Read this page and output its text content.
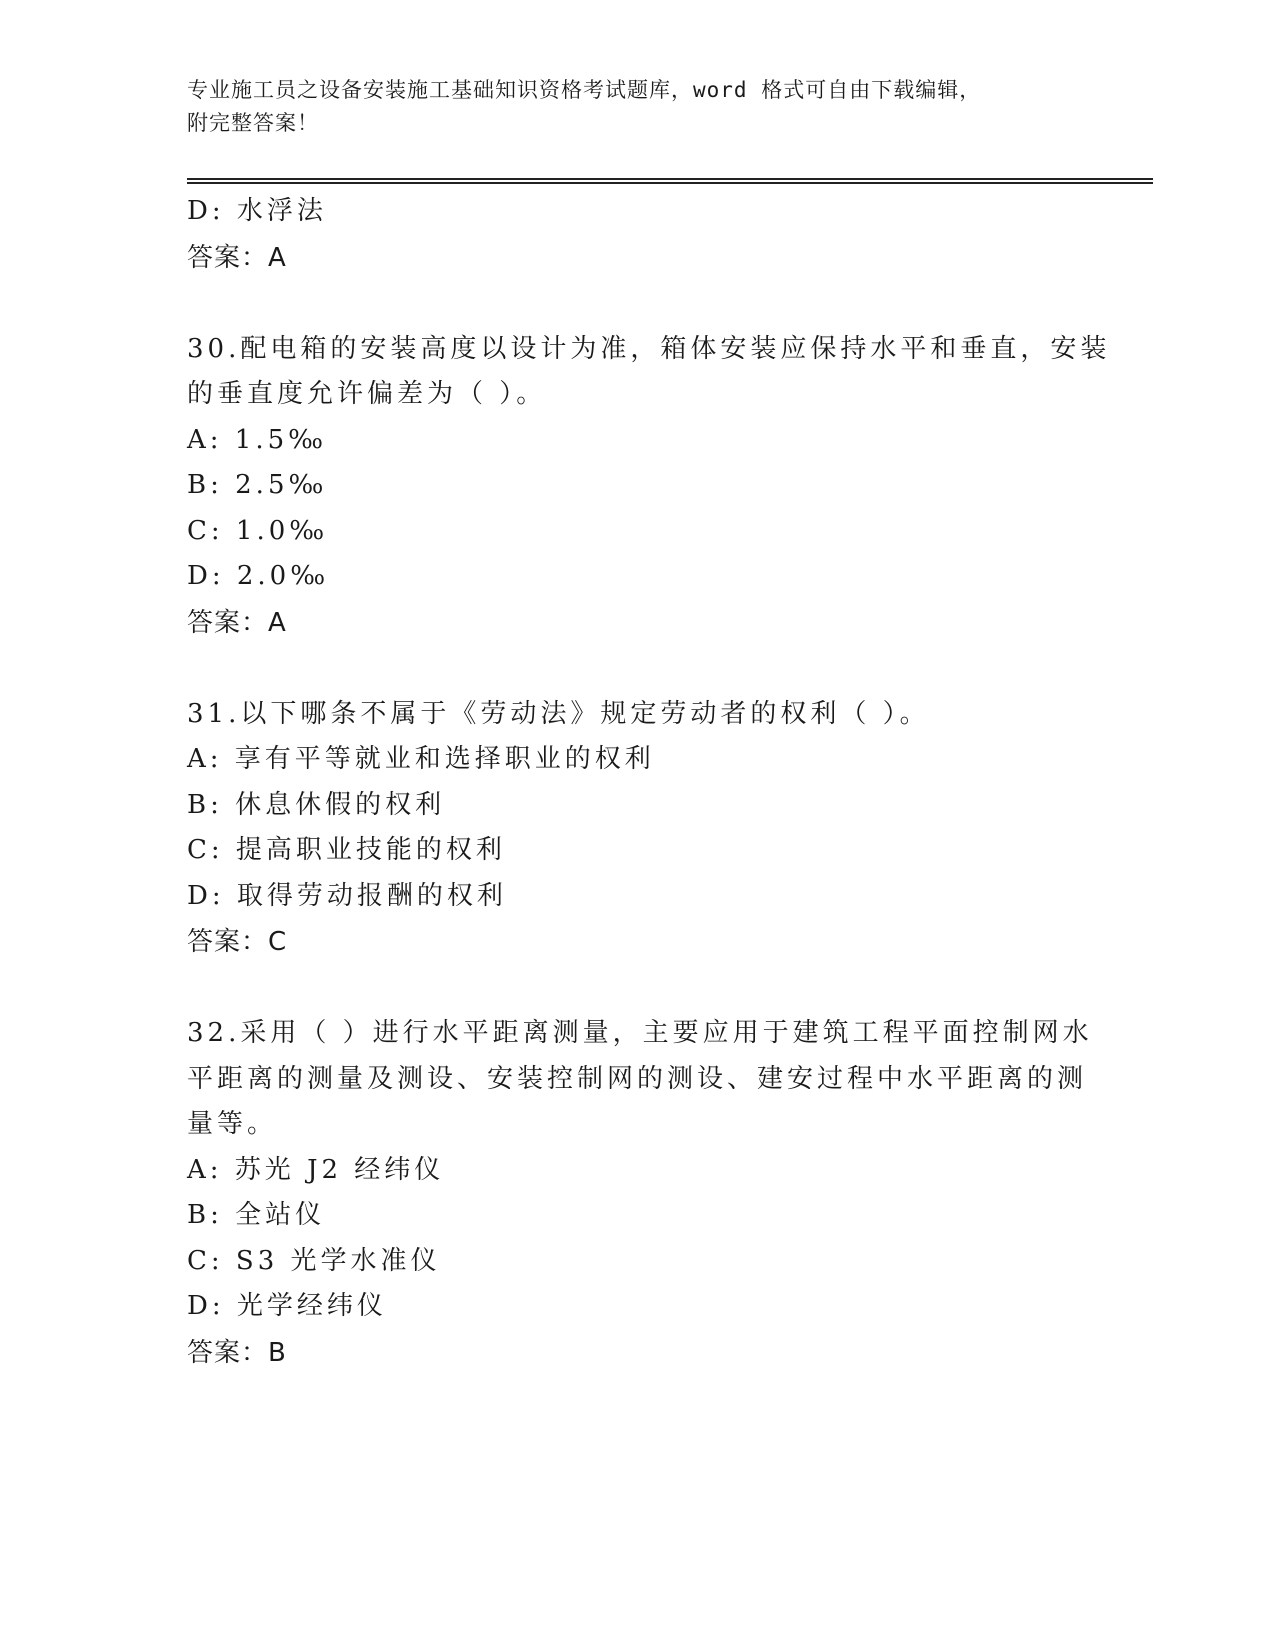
专业施工员之设备安装施工基础知识资格考试题库，word 格式可自由下载编辑，
附完整答案！
D: 水浮法
答案：A
30.配电箱的安装高度以设计为准，箱体安装应保持水平和垂直，安装
的垂直度允许偏差为（ ）。
A: 1.5‰
B: 2.5‰
C: 1.0‰
D: 2.0‰
答案：A
31.以下哪条不属于《劳动法》规定劳动者的权利（ ）。
A: 享有平等就业和选择职业的权利
B: 休息休假的权利
C: 提高职业技能的权利
D: 取得劳动报酬的权利
答案：C
32.采用（ ）进行水平距离测量，主要应用于建筑工程平面控制网水
平距离的测量及测设、安装控制网的测设、建安过程中水平距离的测
量等。
A: 苏光 J2 经纬仪
B: 全站仪
C: S3 光学水准仪
D: 光学经纬仪
答案：B
